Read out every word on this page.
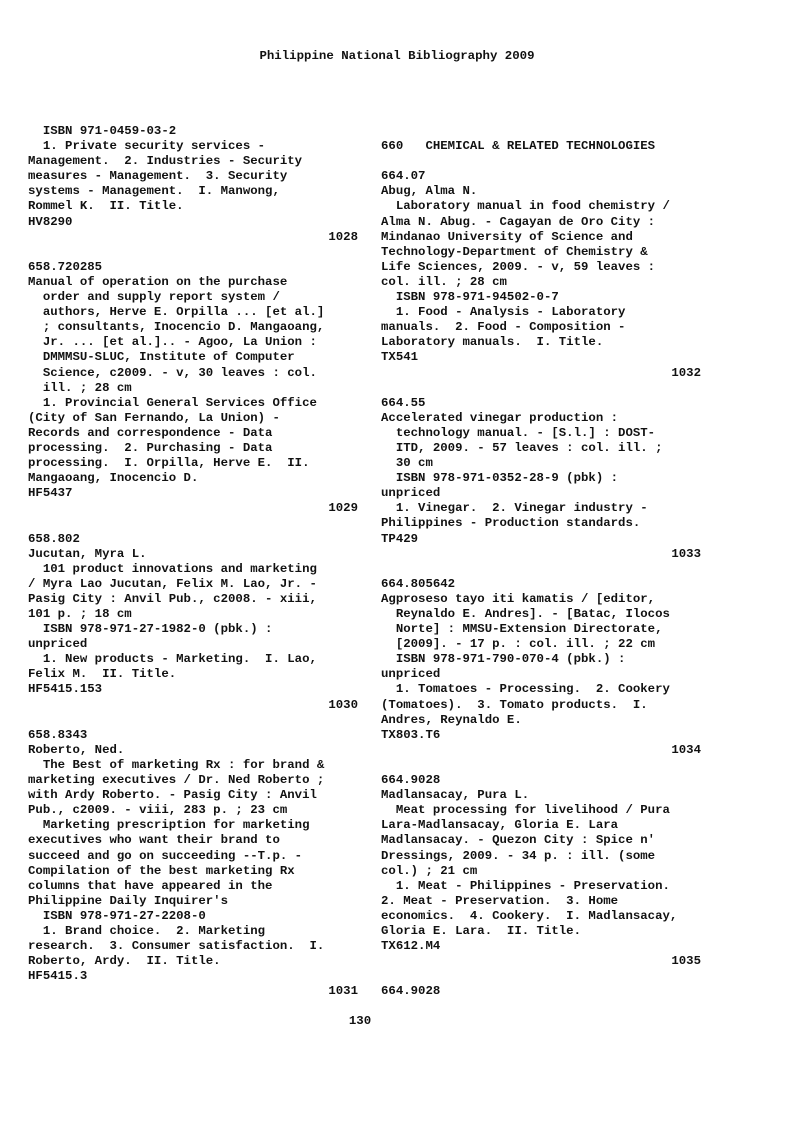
Philippine National Bibliography 2009
ISBN 971-0459-03-2
1. Private security services -
Management.  2. Industries - Security
measures - Management.  3. Security
systems - Management.  I. Manwong,
Rommel K.  II. Title.
HV8290
1028
658.720285
Manual of operation on the purchase
order and supply report system /
authors, Herve E. Orpilla ... [et al.]
; consultants, Inocencio D. Mangaoang,
Jr. ... [et al.].. - Agoo, La Union :
DMMMSU-SLUC, Institute of Computer
Science, c2009. - v, 30 leaves : col.
ill. ; 28 cm
1. Provincial General Services Office
(City of San Fernando, La Union) -
Records and correspondence - Data
processing.  2. Purchasing - Data
processing.  I. Orpilla, Herve E.  II.
Mangaoang, Inocencio D.
HF5437
1029
658.802
Jucutan, Myra L.
101 product innovations and marketing
/ Myra Lao Jucutan, Felix M. Lao, Jr. -
Pasig City : Anvil Pub., c2008. - xiii,
101 p. ; 18 cm
ISBN 978-971-27-1982-0 (pbk.) :
unpriced
1. New products - Marketing.  I. Lao,
Felix M.  II. Title.
HF5415.153
1030
658.8343
Roberto, Ned.
The Best of marketing Rx : for brand &
marketing executives / Dr. Ned Roberto ;
with Ardy Roberto. - Pasig City : Anvil
Pub., c2009. - viii, 283 p. ; 23 cm
Marketing prescription for marketing
executives who want their brand to
succeed and go on succeeding --T.p. -
Compilation of the best marketing Rx
columns that have appeared in the
Philippine Daily Inquirer's
ISBN 978-971-27-2208-0
1. Brand choice.  2. Marketing
research.  3. Consumer satisfaction.  I.
Roberto, Ardy.  II. Title.
HF5415.3
1031
660   CHEMICAL & RELATED TECHNOLOGIES
664.07
Abug, Alma N.
Laboratory manual in food chemistry /
Alma N. Abug. - Cagayan de Oro City :
Mindanao University of Science and
Technology-Department of Chemistry &
Life Sciences, 2009. - v, 59 leaves :
col. ill. ; 28 cm
ISBN 978-971-94502-0-7
1. Food - Analysis - Laboratory
manuals.  2. Food - Composition -
Laboratory manuals.  I. Title.
TX541
1032
664.55
Accelerated vinegar production :
technology manual. - [S.l.] : DOST-
ITD, 2009. - 57 leaves : col. ill. ;
30 cm
ISBN 978-971-0352-28-9 (pbk) :
unpriced
1. Vinegar.  2. Vinegar industry -
Philippines - Production standards.
TP429
1033
664.805642
Agproseso tayo iti kamatis / [editor,
Reynaldo E. Andres]. - [Batac, Ilocos
Norte] : MMSU-Extension Directorate,
[2009]. - 17 p. : col. ill. ; 22 cm
ISBN 978-971-790-070-4 (pbk.) :
unpriced
1. Tomatoes - Processing.  2. Cookery
(Tomatoes).  3. Tomato products.  I.
Andres, Reynaldo E.
TX803.T6
1034
664.9028
Madlansacay, Pura L.
Meat processing for livelihood / Pura
Lara-Madlansacay, Gloria E. Lara
Madlansacay. - Quezon City : Spice n'
Dressings, 2009. - 34 p. : ill. (some
col.) ; 21 cm
1. Meat - Philippines - Preservation.
2. Meat - Preservation.  3. Home
economics.  4. Cookery.  I. Madlansacay,
Gloria E. Lara.  II. Title.
TX612.M4
1035
664.9028
130
